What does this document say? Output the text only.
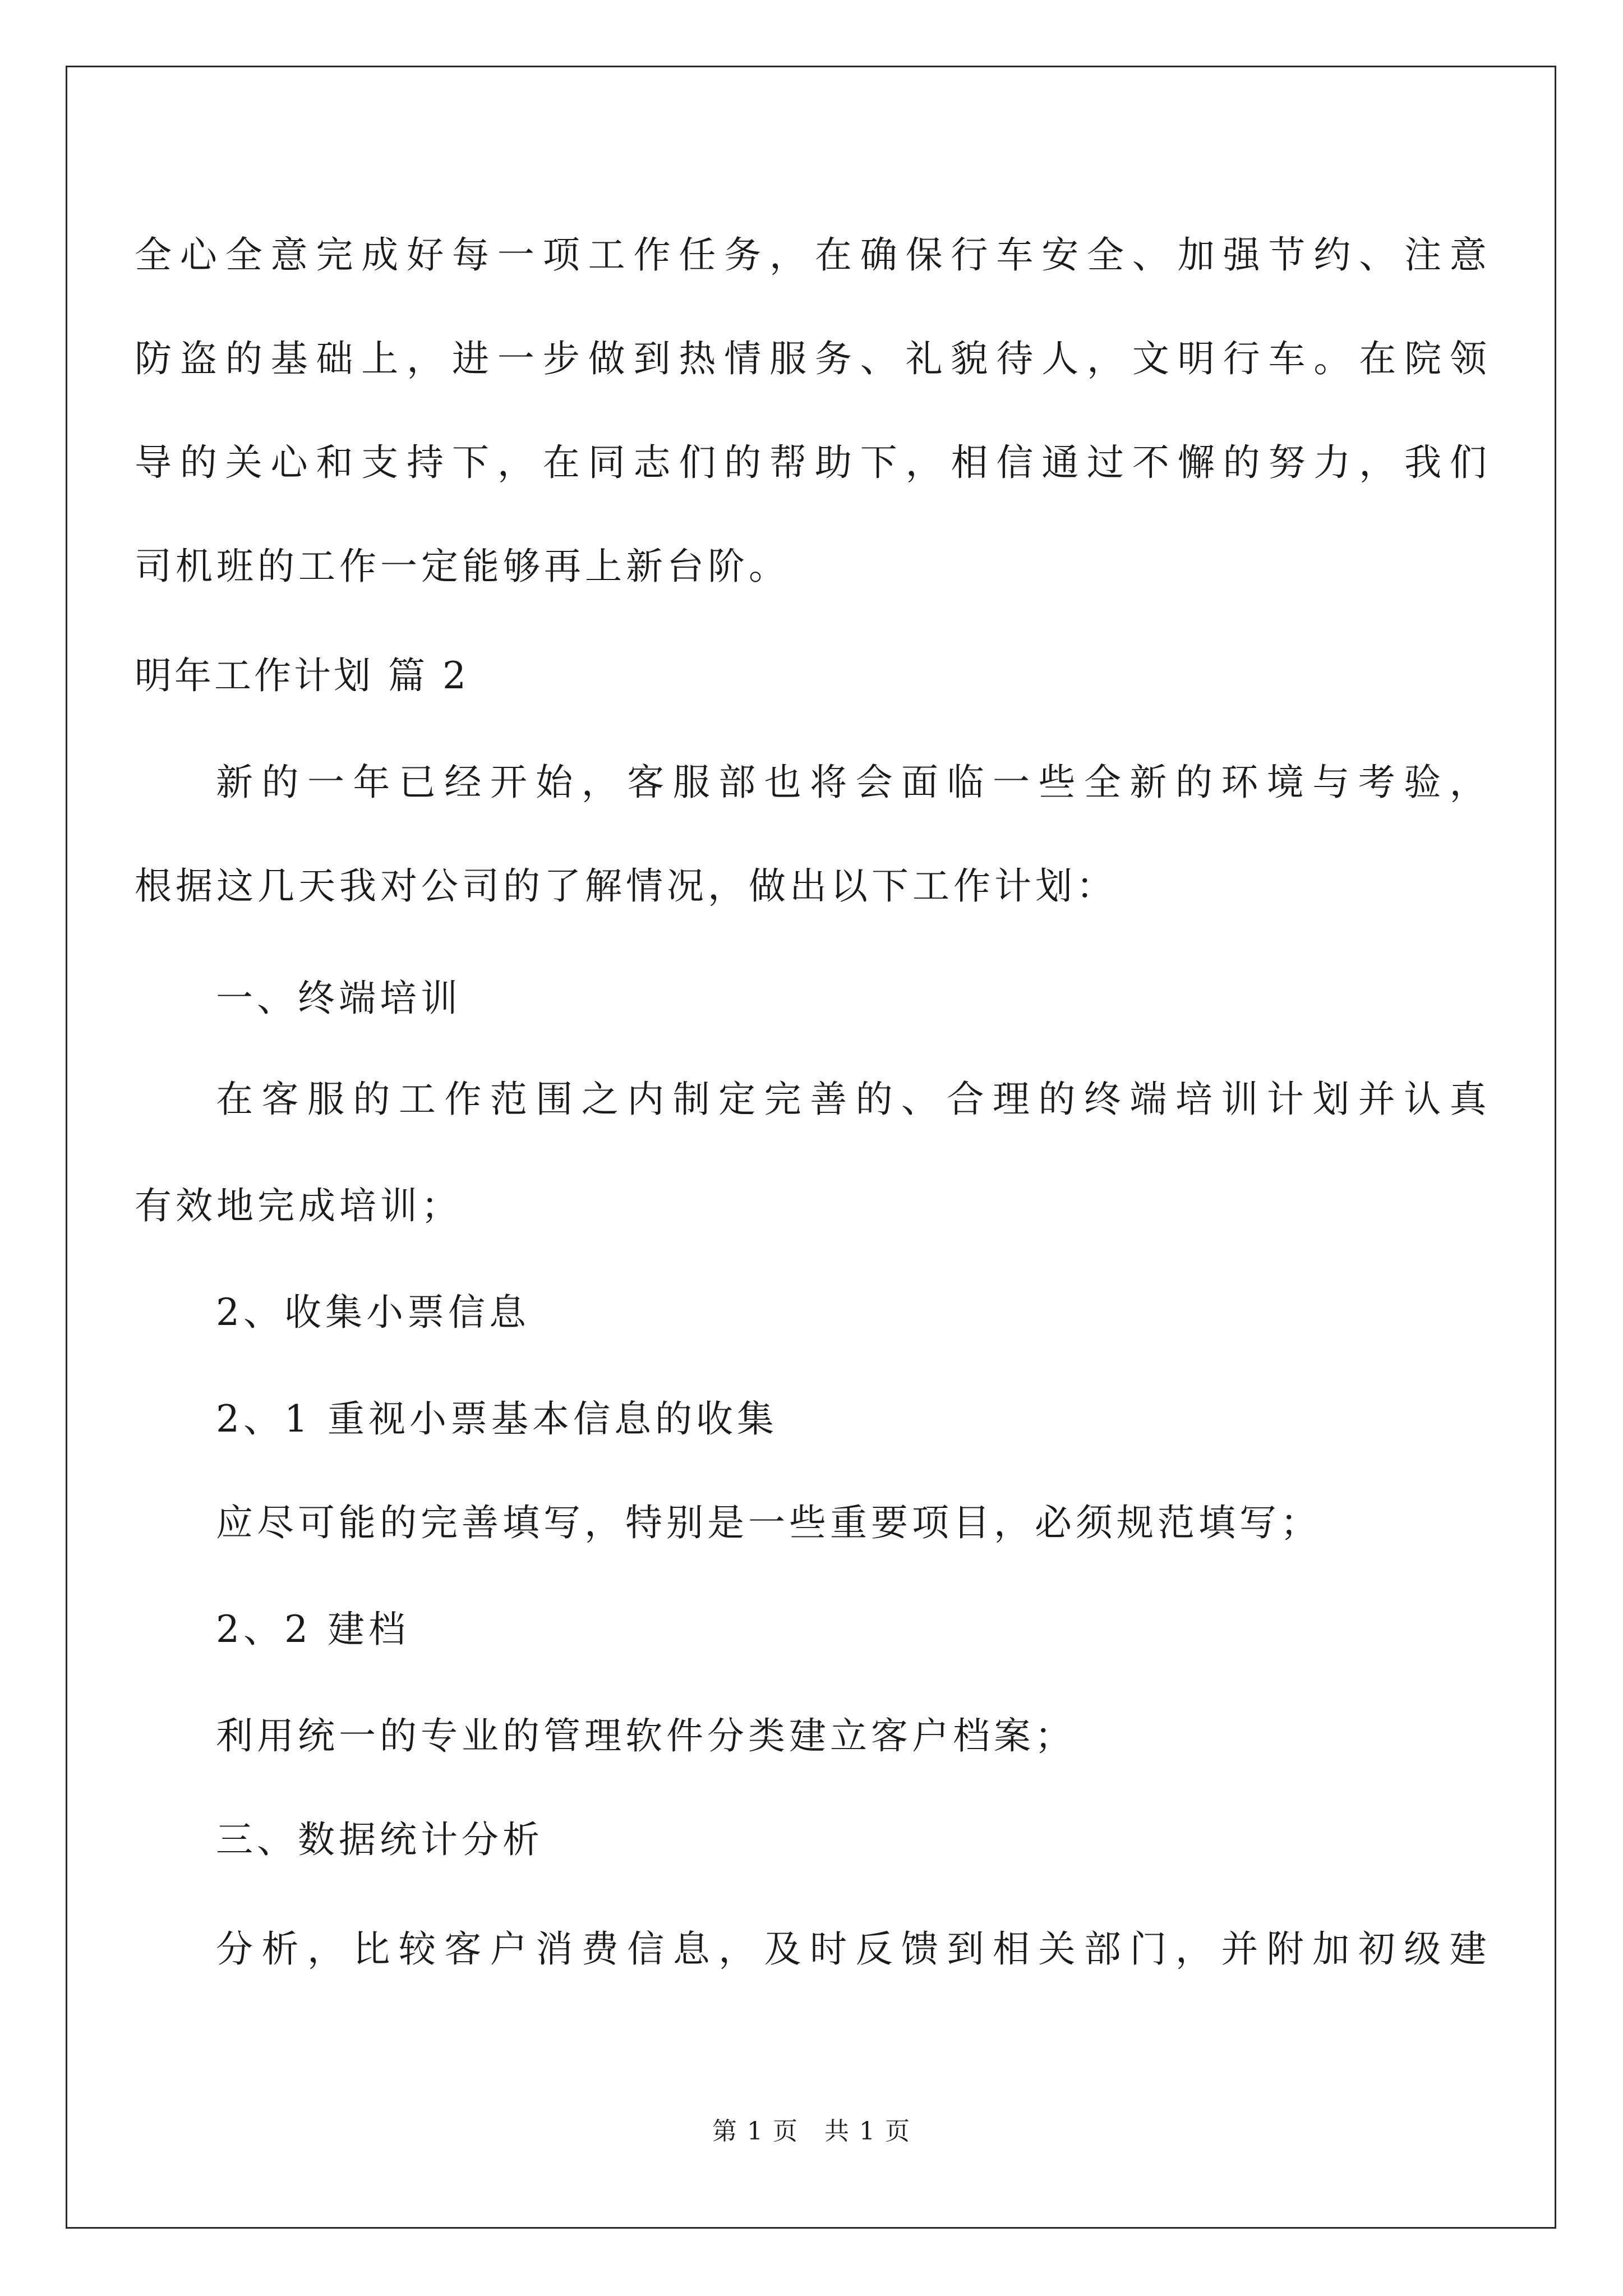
全 心 全 意 完 成 好 每 一 项 工 作 任 务 ， 在 确 保 行 车 安 全 、 加 强 节 约 、 注 意
防 盗 的 基 础 上 ， 进 一 步 做 到 热 情 服 务 、 礼 貌 待 人 ， 文 明 行 车 。 在 院 领
导 的 关 心 和 支 持 下 ， 在 同 志 们 的 帮 助 下 ， 相 信 通 过 不 懈 的 努 力 ， 我 们
司机班的工作一定能够再上新台阶。
明年工作计划 篇 2
新 的 一 年 已 经 开 始 ， 客 服 部 也 将 会 面 临 一 些 全 新 的 环 境 与 考 验 ，
根据这几天我对公司的了解情况，做出以下工作计划：
一、终端培训
在 客 服 的 工 作 范 围 之 内 制 定 完 善 的 、 合 理 的 终 端 培 训 计 划 并 认 真
有效地完成培训；
2、收集小票信息
2、1 重视小票基本信息的收集
应尽可能的完善填写，特别是一些重要项目，必须规范填写；
2、2 建档
利用统一的专业的管理软件分类建立客户档案；
三、数据统计分析
分 析 ， 比 较 客 户 消 费 信 息 ， 及 时 反 馈 到 相 关 部 门 ， 并 附 加 初 级 建
第 1 页　共 1 页
